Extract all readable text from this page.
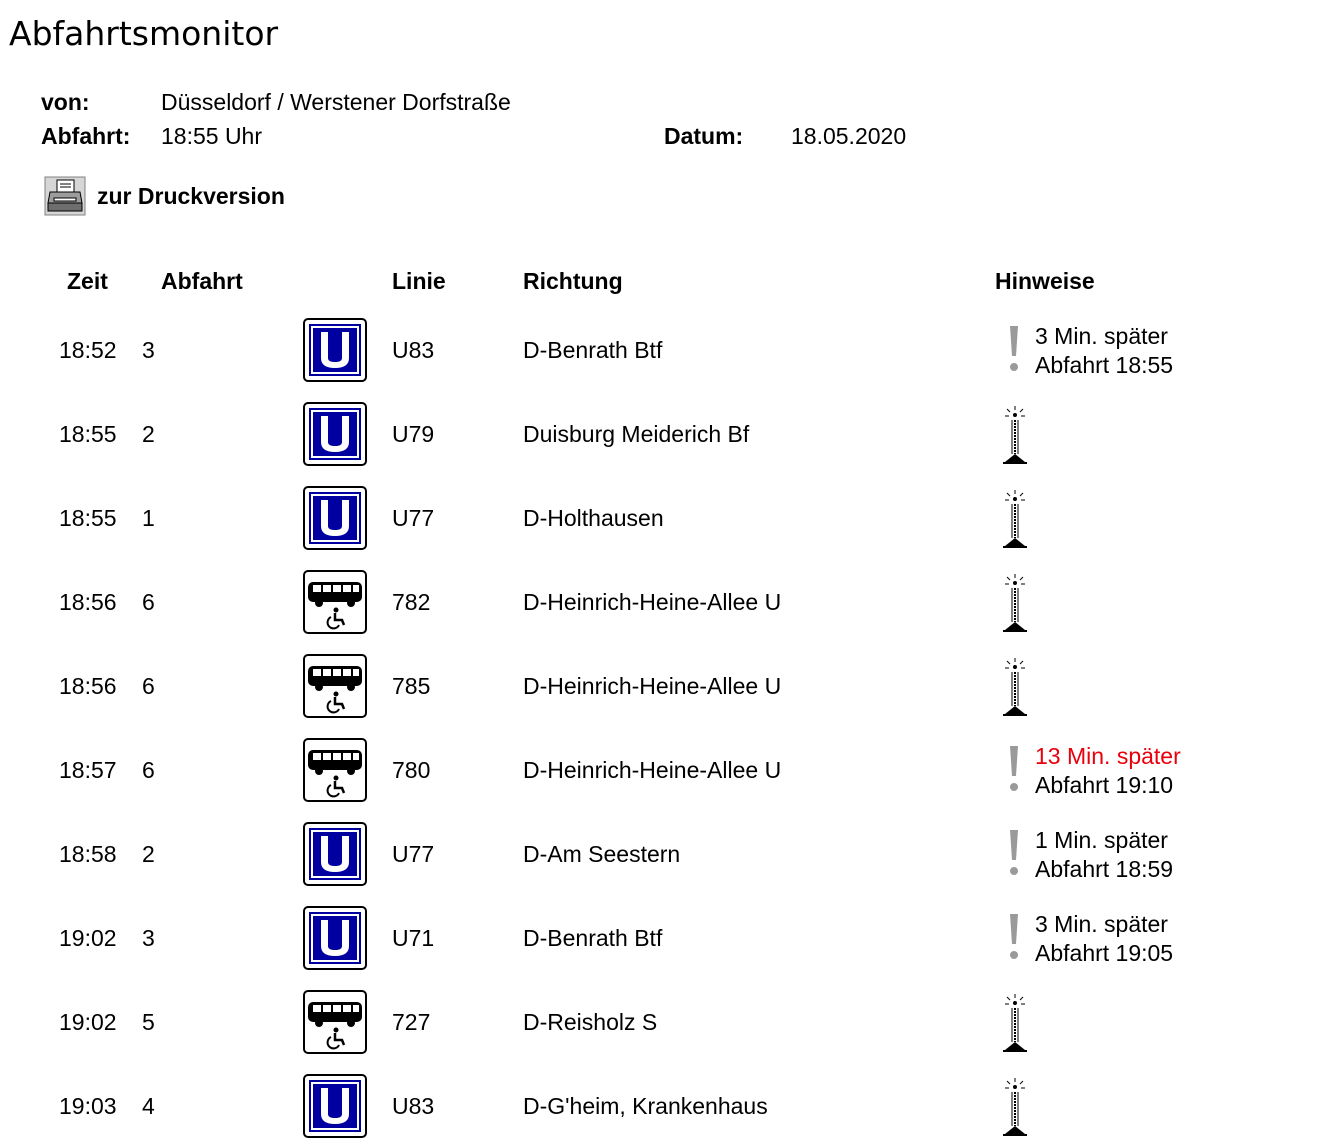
Abfahrtsmonitor
von:	Düsseldorf / Werstener Dorfstraße
Abfahrt: 18:55 Uhr	Datum: 18.05.2020
zur Druckversion
Zeit Abfahrt	Linie	Richtung	Hinweise
18:52 3	U83	D-Benrath Btf
3 Min. später
Abfahrt 18:55
18:55 2	U79	Duisburg Meiderich Bf
18:55 1	U77	D-Holthausen
18:56 6	782	D-Heinrich-Heine-Allee U
18:56 6	785	D-Heinrich-Heine-Allee U
18:57 6	780	D-Heinrich-Heine-Allee U
13 Min. später
Abfahrt 19:10
18:58 2	U77	D-Am Seestern
1 Min. später
Abfahrt 18:59
19:02 3	U71	D-Benrath Btf
3 Min. später
Abfahrt 19:05
19:02 5	727	D-Reisholz S
19:03 4	U83	D-G'heim, Krankenhaus
